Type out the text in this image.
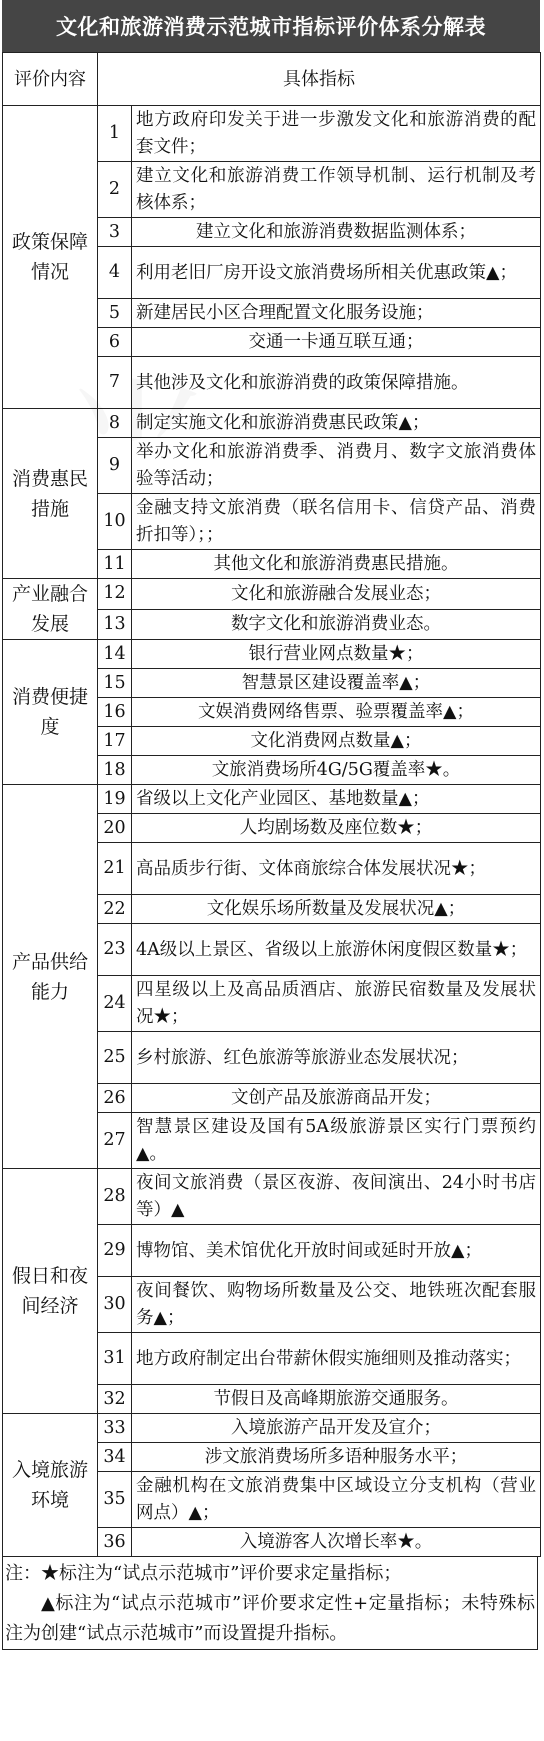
文化和旅游消费示范城市指标评价体系分解表
评价内容	具体指标	
政策保障情况	1	地方政府印发关于进一步激发文化和旅游消费的配套文件；
	2	建立文化和旅游消费工作领导机制、运行机制及考核体系；
	3	建立文化和旅游消费数据监测体系；
	4	利用老旧厂房开设文旅消费场所相关优惠政策▲；
	5	新建居民小区合理配置文化服务设施；
	6	交通一卡通互联互通；
	7	其他涉及文化和旅游消费的政策保障措施。
消费惠民措施	8	制定实施文化和旅游消费惠民政策▲；
	9	举办文化和旅游消费季、消费月、数字文旅消费体验等活动；
	10	金融支持文旅消费（联名信用卡、信贷产品、消费折扣等）；；
	11	其他文化和旅游消费惠民措施。
产业融合发展	12	文化和旅游融合发展业态；
	13	数字文化和旅游消费业态。
消费便捷度	14	银行营业网点数量★；
	15	智慧景区建设覆盖率▲；
	16	文娱消费网络售票、验票覆盖率▲；
	17	文化消费网点数量▲；
	18	文旅消费场所4G/5G覆盖率★。
产品供给能力	19	省级以上文化产业园区、基地数量▲；
	20	人均剧场数及座位数★；
	21	高品质步行街、文体商旅综合体发展状况★；
	22	文化娱乐场所数量及发展状况▲；
	23	4A级以上景区、省级以上旅游休闲度假区数量★；
	24	四星级以上及高品质酒店、旅游民宿数量及发展状况★；
	25	乡村旅游、红色旅游等旅游业态发展状况；
	26	文创产品及旅游商品开发；
	27	智慧景区建设及国有5A级旅游景区实行门票预约▲。
假日和夜间经济	28	夜间文旅消费（景区夜游、夜间演出、24小时书店等）▲
	29	博物馆、美术馆优化开放时间或延时开放▲；
	30	夜间餐饮、购物场所数量及公交、地铁班次配套服务▲；
	31	地方政府制定出台带薪休假实施细则及推动落实；
	32	节假日及高峰期旅游交通服务。
入境旅游环境	33	入境旅游产品开发及宣介；
	34	涉文旅消费场所多语种服务水平；
	35	金融机构在文旅消费集中区域设立分支机构（营业网点）▲；
	36	入境游客人次增长率★。

注：★标注为“试点示范城市”评价要求定量指标；

▲标注为“试点示范城市”评价要求定性+定量指标；未特殊标注为创建“试点示范城市”而设置提升指标。
